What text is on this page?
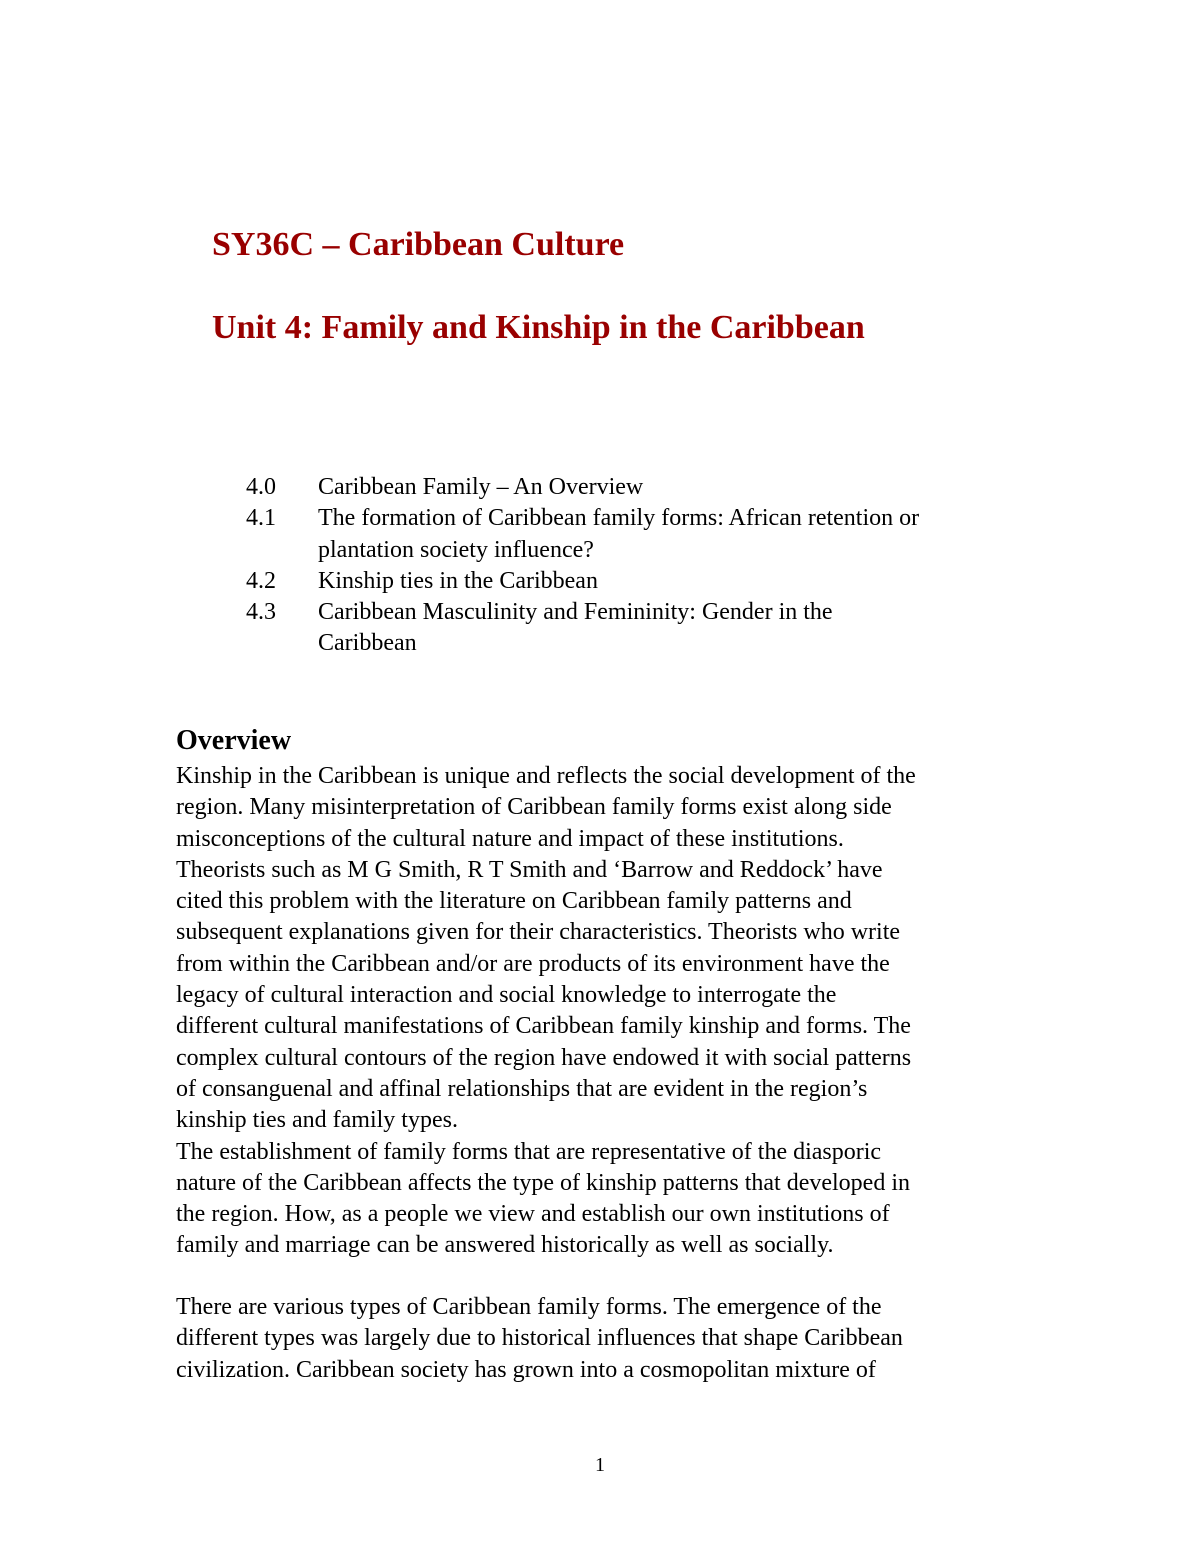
SY36C – Caribbean Culture
Unit 4: Family and Kinship in the Caribbean
4.0	Caribbean Family – An Overview
4.1	The formation of Caribbean family forms: African retention or
plantation society influence?
4.2	Kinship ties in the Caribbean
4.3	Caribbean Masculinity and Femininity: Gender in the
Caribbean
Overview

Kinship in the Caribbean is unique and reflects the social development of the
region. Many misinterpretation of Caribbean family forms exist along side
misconceptions of the cultural nature and impact of these institutions.
Theorists such as M G Smith, R T Smith and ‘Barrow and Reddock’ have
cited this problem with the literature on Caribbean family patterns and
subsequent explanations given for their characteristics. Theorists who write
from within the Caribbean and/or are products of its environment have the
legacy of cultural interaction and social knowledge to interrogate the
different cultural manifestations of Caribbean family kinship and forms. The
complex cultural contours of the region have endowed it with social patterns
of consanguenal and affinal relationships that are evident in the region’s
kinship ties and family types.
The establishment of family forms that are representative of the diasporic
nature of the Caribbean affects the type of kinship patterns that developed in
the region. How, as a people we view and establish our own institutions of
family and marriage can be answered historically as well as socially.

There are various types of Caribbean family forms. The emergence of the
different types was largely due to historical influences that shape Caribbean
civilization. Caribbean society has grown into a cosmopolitan mixture of

1
